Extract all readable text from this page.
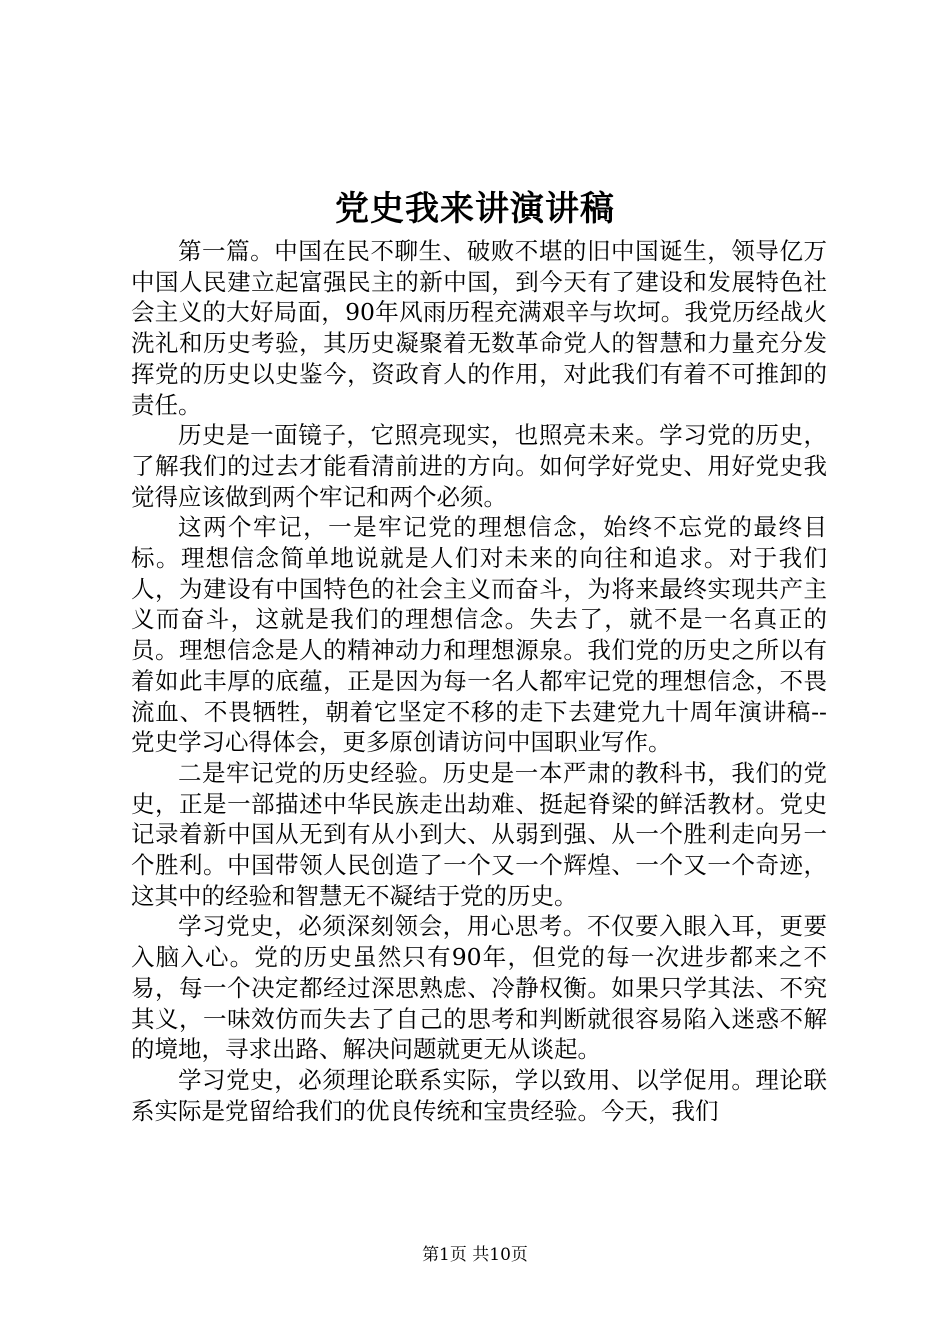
党史我来讲演讲稿

第一篇。中国在民不聊生、破败不堪的旧中国诞生，领导亿万中国人民建立起富强民主的新中国，到今天有了建设和发展特色社会主义的大好局面，90年风雨历程充满艰辛与坎坷。我党历经战火洗礼和历史考验，其历史凝聚着无数革命党人的智慧和力量充分发挥党的历史以史鉴今，资政育人的作用，对此我们有着不可推卸的责任。

历史是一面镜子，它照亮现实，也照亮未来。学习党的历史，了解我们的过去才能看清前进的方向。如何学好党史、用好党史我觉得应该做到两个牢记和两个必须。

这两个牢记，一是牢记党的理想信念，始终不忘党的最终目标。理想信念简单地说就是人们对未来的向往和追求。对于我们人，为建设有中国特色的社会主义而奋斗，为将来最终实现共产主义而奋斗，这就是我们的理想信念。失去了，就不是一名真正的员。理想信念是人的精神动力和理想源泉。我们党的历史之所以有着如此丰厚的底蕴，正是因为每一名人都牢记党的理想信念，不畏流血、不畏牺牲，朝着它坚定不移的走下去建党九十周年演讲稿--党史学习心得体会，更多原创请访问中国职业写作。

二是牢记党的历史经验。历史是一本严肃的教科书，我们的党史，正是一部描述中华民族走出劫难、挺起脊梁的鲜活教材。党史记录着新中国从无到有从小到大、从弱到强、从一个胜利走向另一个胜利。中国带领人民创造了一个又一个辉煌、一个又一个奇迹，这其中的经验和智慧无不凝结于党的历史。

学习党史，必须深刻领会，用心思考。不仅要入眼入耳，更要入脑入心。党的历史虽然只有90年，但党的每一次进步都来之不易，每一个决定都经过深思熟虑、冷静权衡。如果只学其法、不究其义，一味效仿而失去了自己的思考和判断就很容易陷入迷惑不解的境地，寻求出路、解决问题就更无从谈起。

学习党史，必须理论联系实际，学以致用、以学促用。理论联系实际是党留给我们的优良传统和宝贵经验。今天，我们

第1页 共10页
